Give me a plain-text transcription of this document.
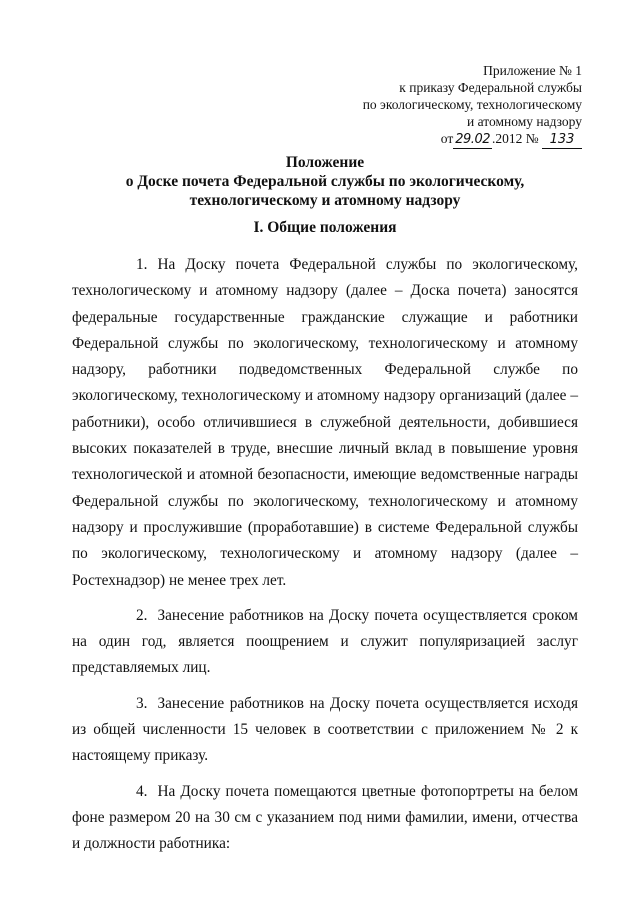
Приложение № 1
к приказу Федеральной службы
по экологическому, технологическому
и атомному надзору
от 29.02 .2012 № 133
Положение
о Доске почета Федеральной службы по экологическому,
технологическому и атомному надзору
I. Общие положения

1. На Доску почета Федеральной службы по экологическому, технологическому и атомному надзору (далее – Доска почета) заносятся федеральные государственные гражданские служащие и работники Федеральной службы по экологическому, технологическому и атомному надзору, работники подведомственных Федеральной службе по экологическому, технологическому и атомному надзору организаций (далее – работники), особо отличившиеся в служебной деятельности, добившиеся высоких показателей в труде, внесшие личный вклад в повышение уровня технологической и атомной безопасности, имеющие ведомственные награды Федеральной службы по экологическому, технологическому и атомному надзору и прослужившие (проработавшие) в системе Федеральной службы по экологическому, технологическому и атомному надзору (далее – Ростехнадзор) не менее трех лет.

2. Занесение работников на Доску почета осуществляется сроком на один год, является поощрением и служит популяризацией заслуг представляемых лиц.

3. Занесение работников на Доску почета осуществляется исходя из общей численности 15 человек в соответствии с приложением № 2 к настоящему приказу.

4. На Доску почета помещаются цветные фотопортреты на белом фоне размером 20 на 30 см с указанием под ними фамилии, имени, отчества и должности работника:
